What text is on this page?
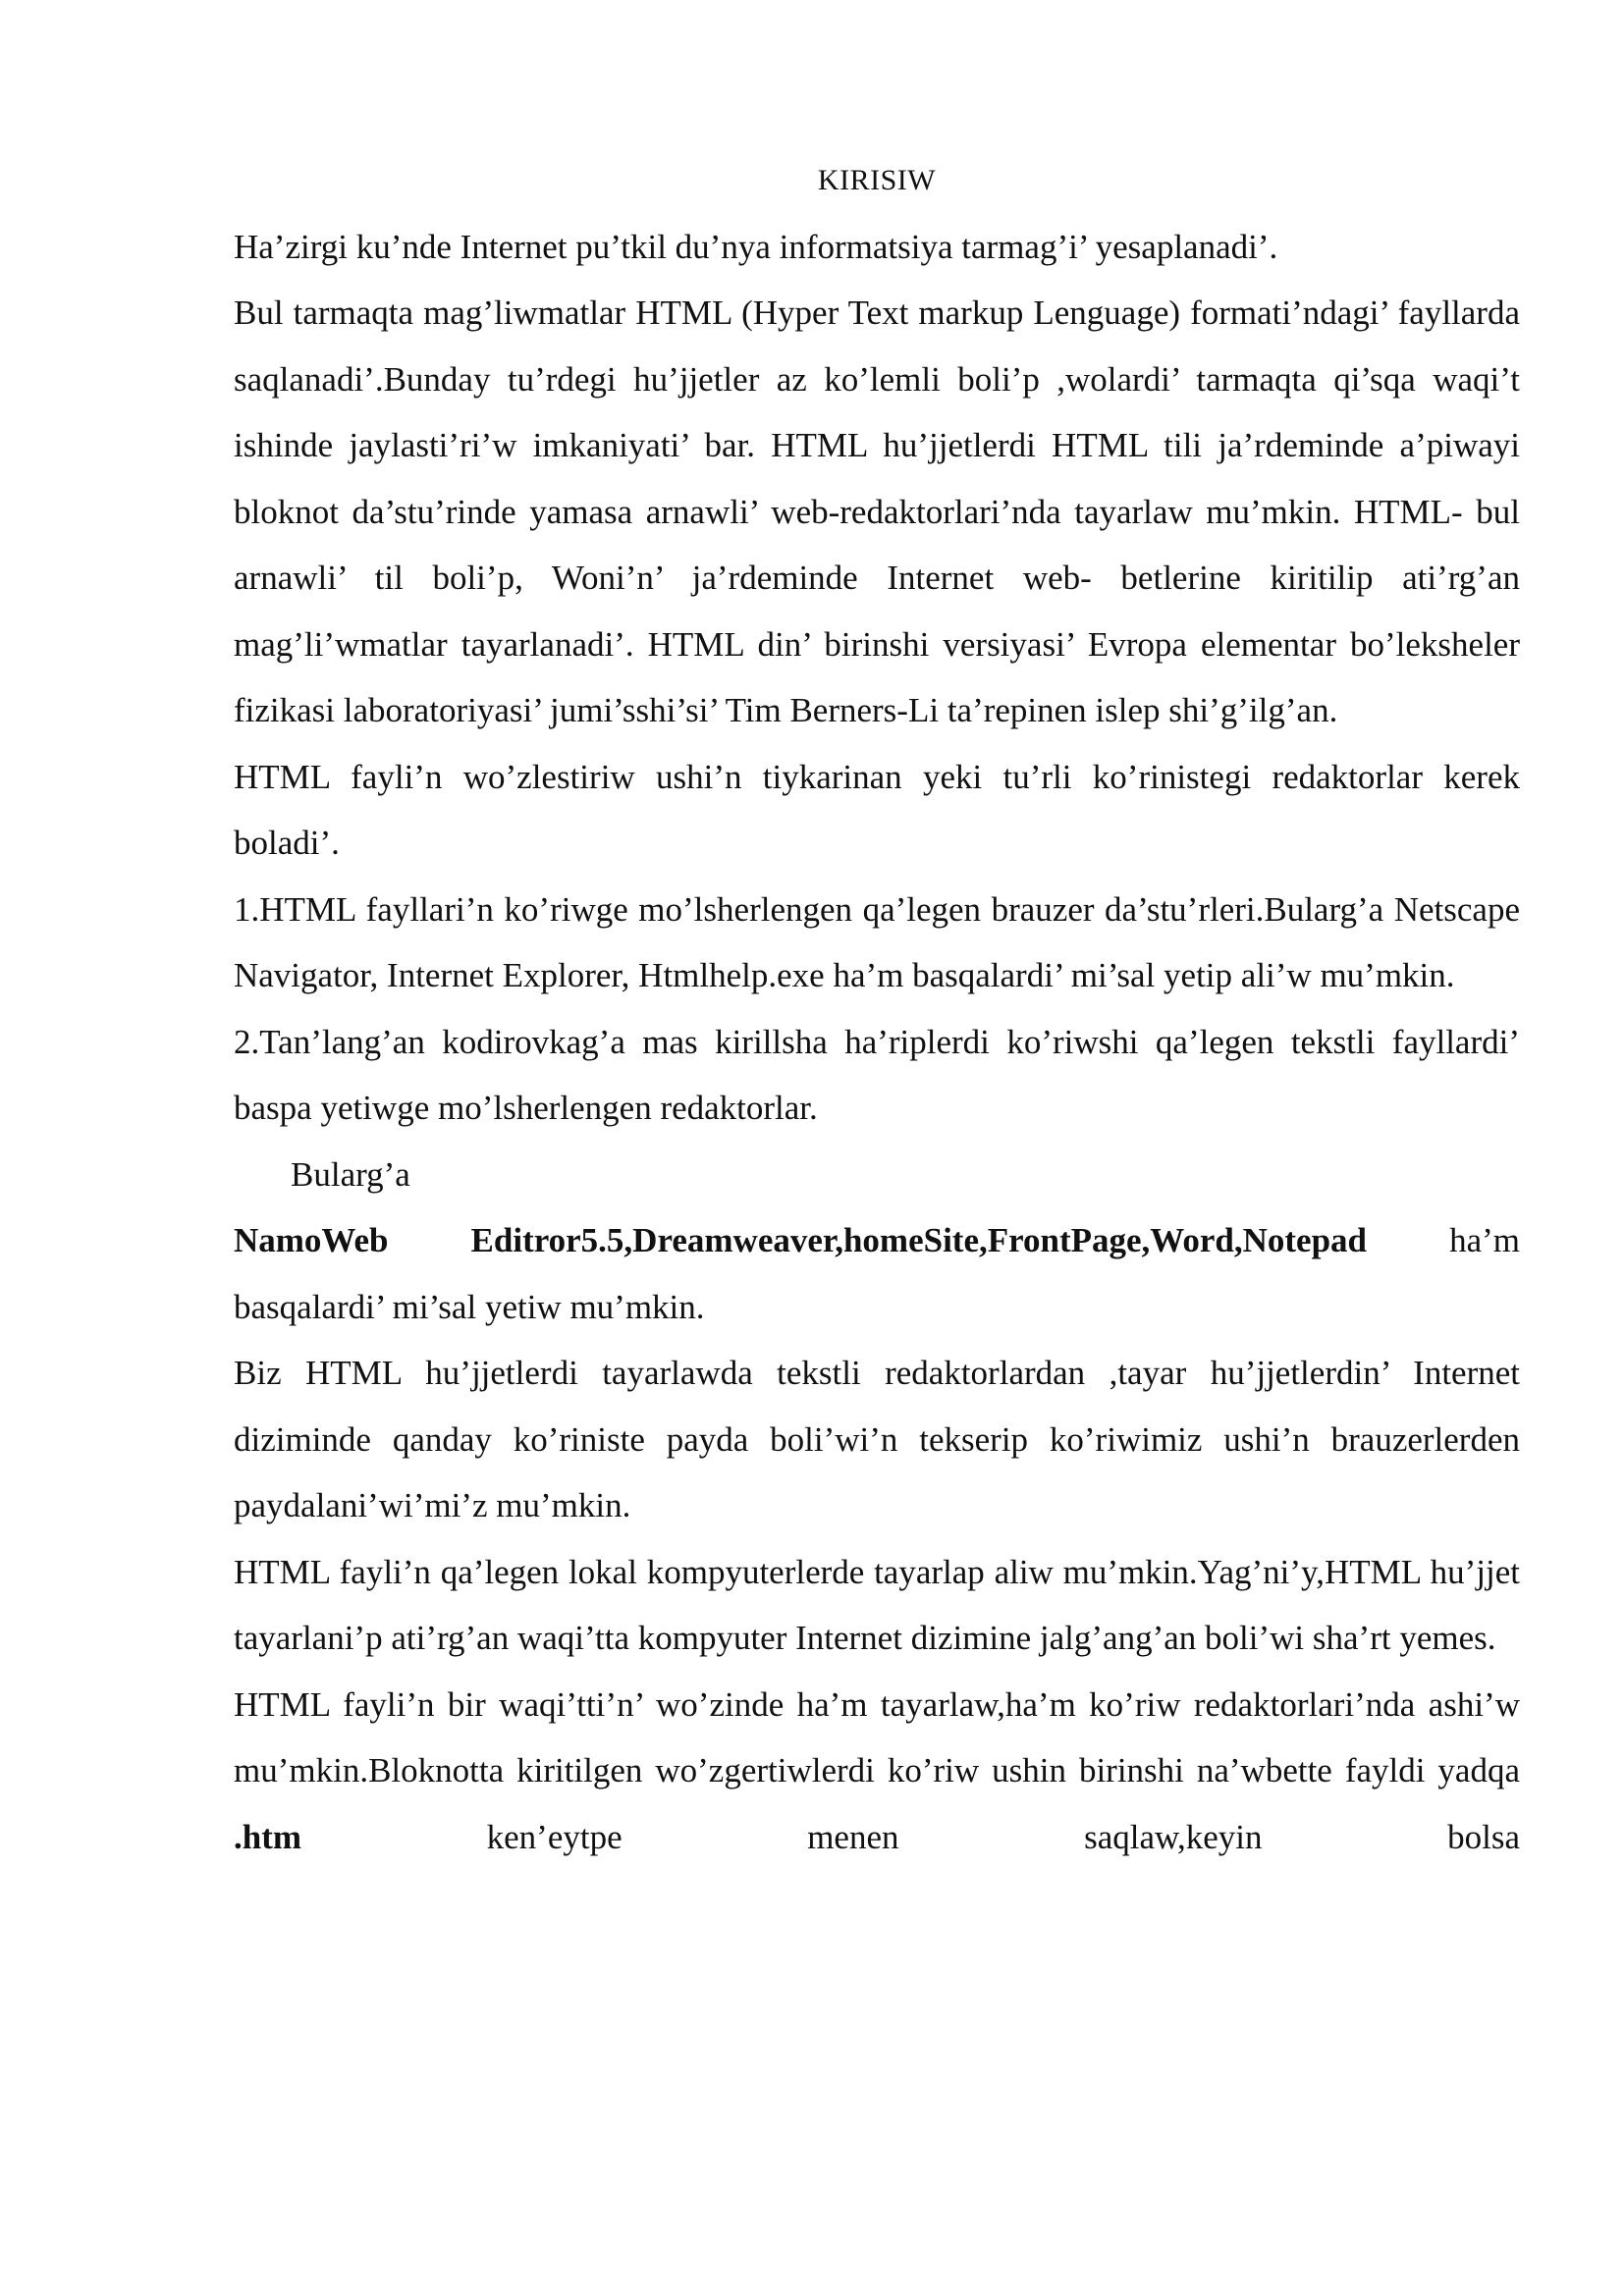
KIRISIW

Ha’zirgi ku’nde Internet pu’tkil du’nya informatsiya tarmag’i’ yesaplanadi’.

Bul tarmaqta mag’liwmatlar HTML (Hyper Text markup Lenguage) formati’ndagi’ fayllarda saqlanadi’.Bunday tu’rdegi hu’jjetler az ko’lemli boli’p ,wolardi’ tarmaqta qi’sqa waqi’t ishinde jaylasti’ri’w imkaniyati’ bar. HTML hu’jjetlerdi HTML tili ja’rdeminde a’piwayi bloknot da’stu’rinde yamasa arnawli’ web-redaktorlari’nda tayarlaw mu’mkin. HTML- bul arnawli’ til boli’p, Woni’n’ ja’rdeminde Internet web- betlerine kiritilip ati’rg’an mag’li’wmatlar tayarlanadi’. HTML din’ birinshi versiyasi’ Evropa elementar bo’leksheler fizikasi laboratoriyasi’ jumi’sshi’si’ Tim Berners-Li ta’repinen islep shi’g’ilg’an.

HTML fayli’n wo’zlestiriw ushi’n tiykarinan yeki tu’rli ko’rinistegi redaktorlar kerek boladi’.

1.HTML fayllari’n ko’riwge mo’lsherlengen qa’legen brauzer da’stu’rleri.Bularg’a Netscape Navigator, Internet Explorer, Htmlhelp.exe ha’m basqalardi’ mi’sal yetip ali’w mu’mkin.

2.Tan’lang’an kodirovkag’a mas kirillsha ha’riplerdi ko’riwshi qa’legen tekstli fayllardi’ baspa yetiwge mo’lsherlengen redaktorlar.

Bularg’a

NamoWeb Editror5.5,Dreamweaver,homeSite,FrontPage,Word,Notepad ha’m basqalardi’ mi’sal yetiw mu’mkin.

Biz HTML hu’jjetlerdi tayarlawda tekstli redaktorlardan ,tayar hu’jjetlerdin’ Internet diziminde qanday ko’riniste payda boli’wi’n tekserip ko’riwimiz ushi’n brauzerlerden paydalani’wi’mi’z mu’mkin.

HTML fayli’n qa’legen lokal kompyuterlerde tayarlap aliw mu’mkin.Yag’ni’y,HTML hu’jjet tayarlani’p ati’rg’an waqi’tta kompyuter Internet dizimine jalg’ang’an boli’wi sha’rt yemes.

HTML fayli’n bir waqi’tti’n’ wo’zinde ha’m tayarlaw,ha’m ko’riw redaktorlari’nda ashi’w mu’mkin.Bloknotta kiritilgen wo’zgertiwlerdi ko’riw ushin birinshi na’wbette fayldi yadqa .htm ken’eytpe menen saqlaw,keyin bolsa
